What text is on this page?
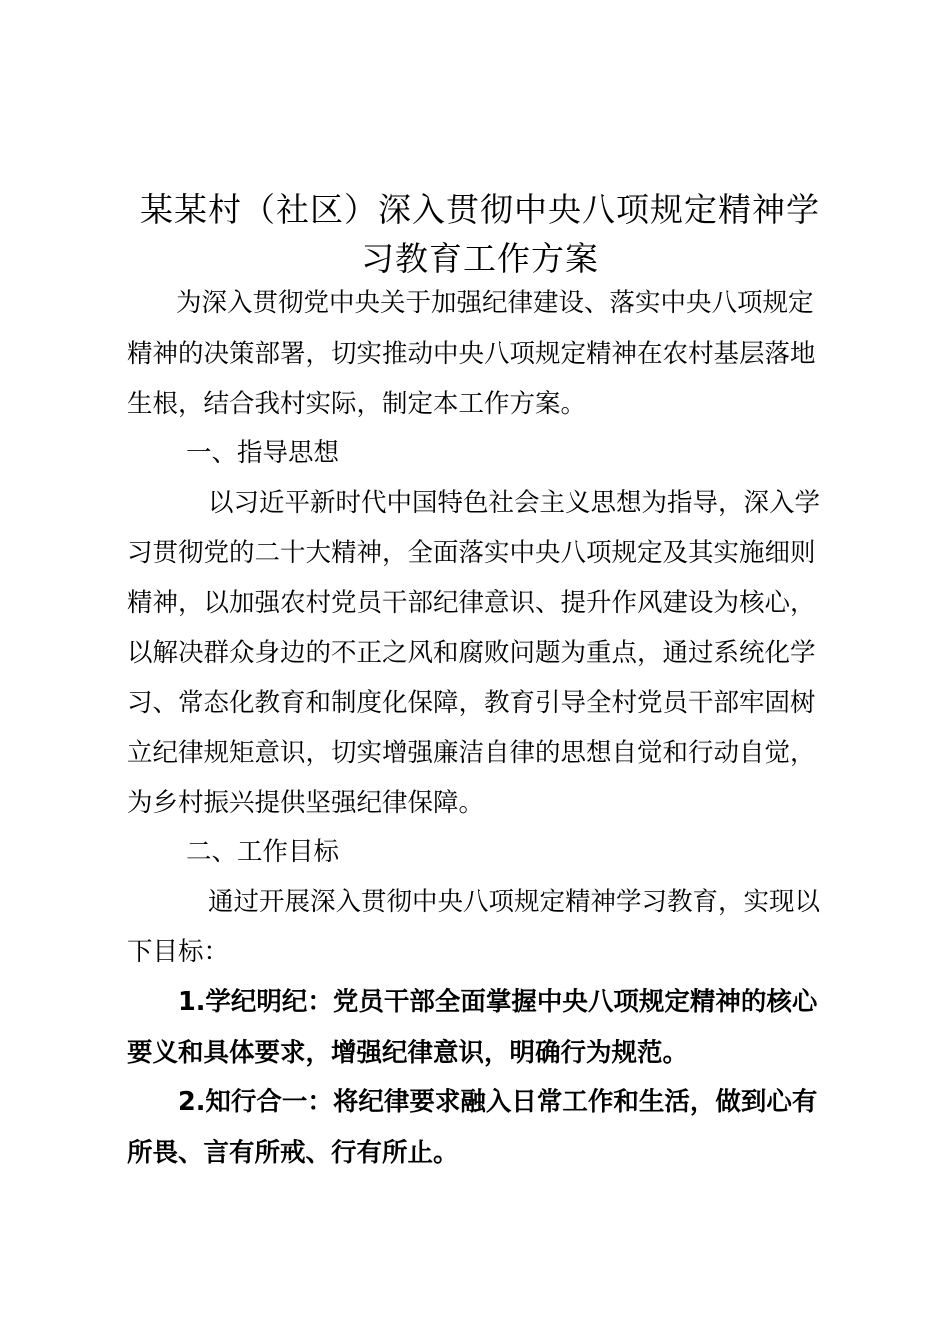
某某村（社区）深入贯彻中央八项规定精神学
习教育工作方案
为深入贯彻党中央关于加强纪律建设、落实中央八项规定
精神的决策部署，切实推动中央八项规定精神在农村基层落地
生根，结合我村实际，制定本工作方案。
一、指导思想
以习近平新时代中国特色社会主义思想为指导，深入学
习贯彻党的二十大精神，全面落实中央八项规定及其实施细则
精神，以加强农村党员干部纪律意识、提升作风建设为核心，
以解决群众身边的不正之风和腐败问题为重点，通过系统化学
习、常态化教育和制度化保障，教育引导全村党员干部牢固树
立纪律规矩意识，切实增强廉洁自律的思想自觉和行动自觉，
为乡村振兴提供坚强纪律保障。
二、工作目标
通过开展深入贯彻中央八项规定精神学习教育，实现以
下目标：
1.学纪明纪：党员干部全面掌握中央八项规定精神的核心
要义和具体要求，增强纪律意识，明确行为规范。
2.知行合一：将纪律要求融入日常工作和生活，做到心有
所畏、言有所戒、行有所止。
